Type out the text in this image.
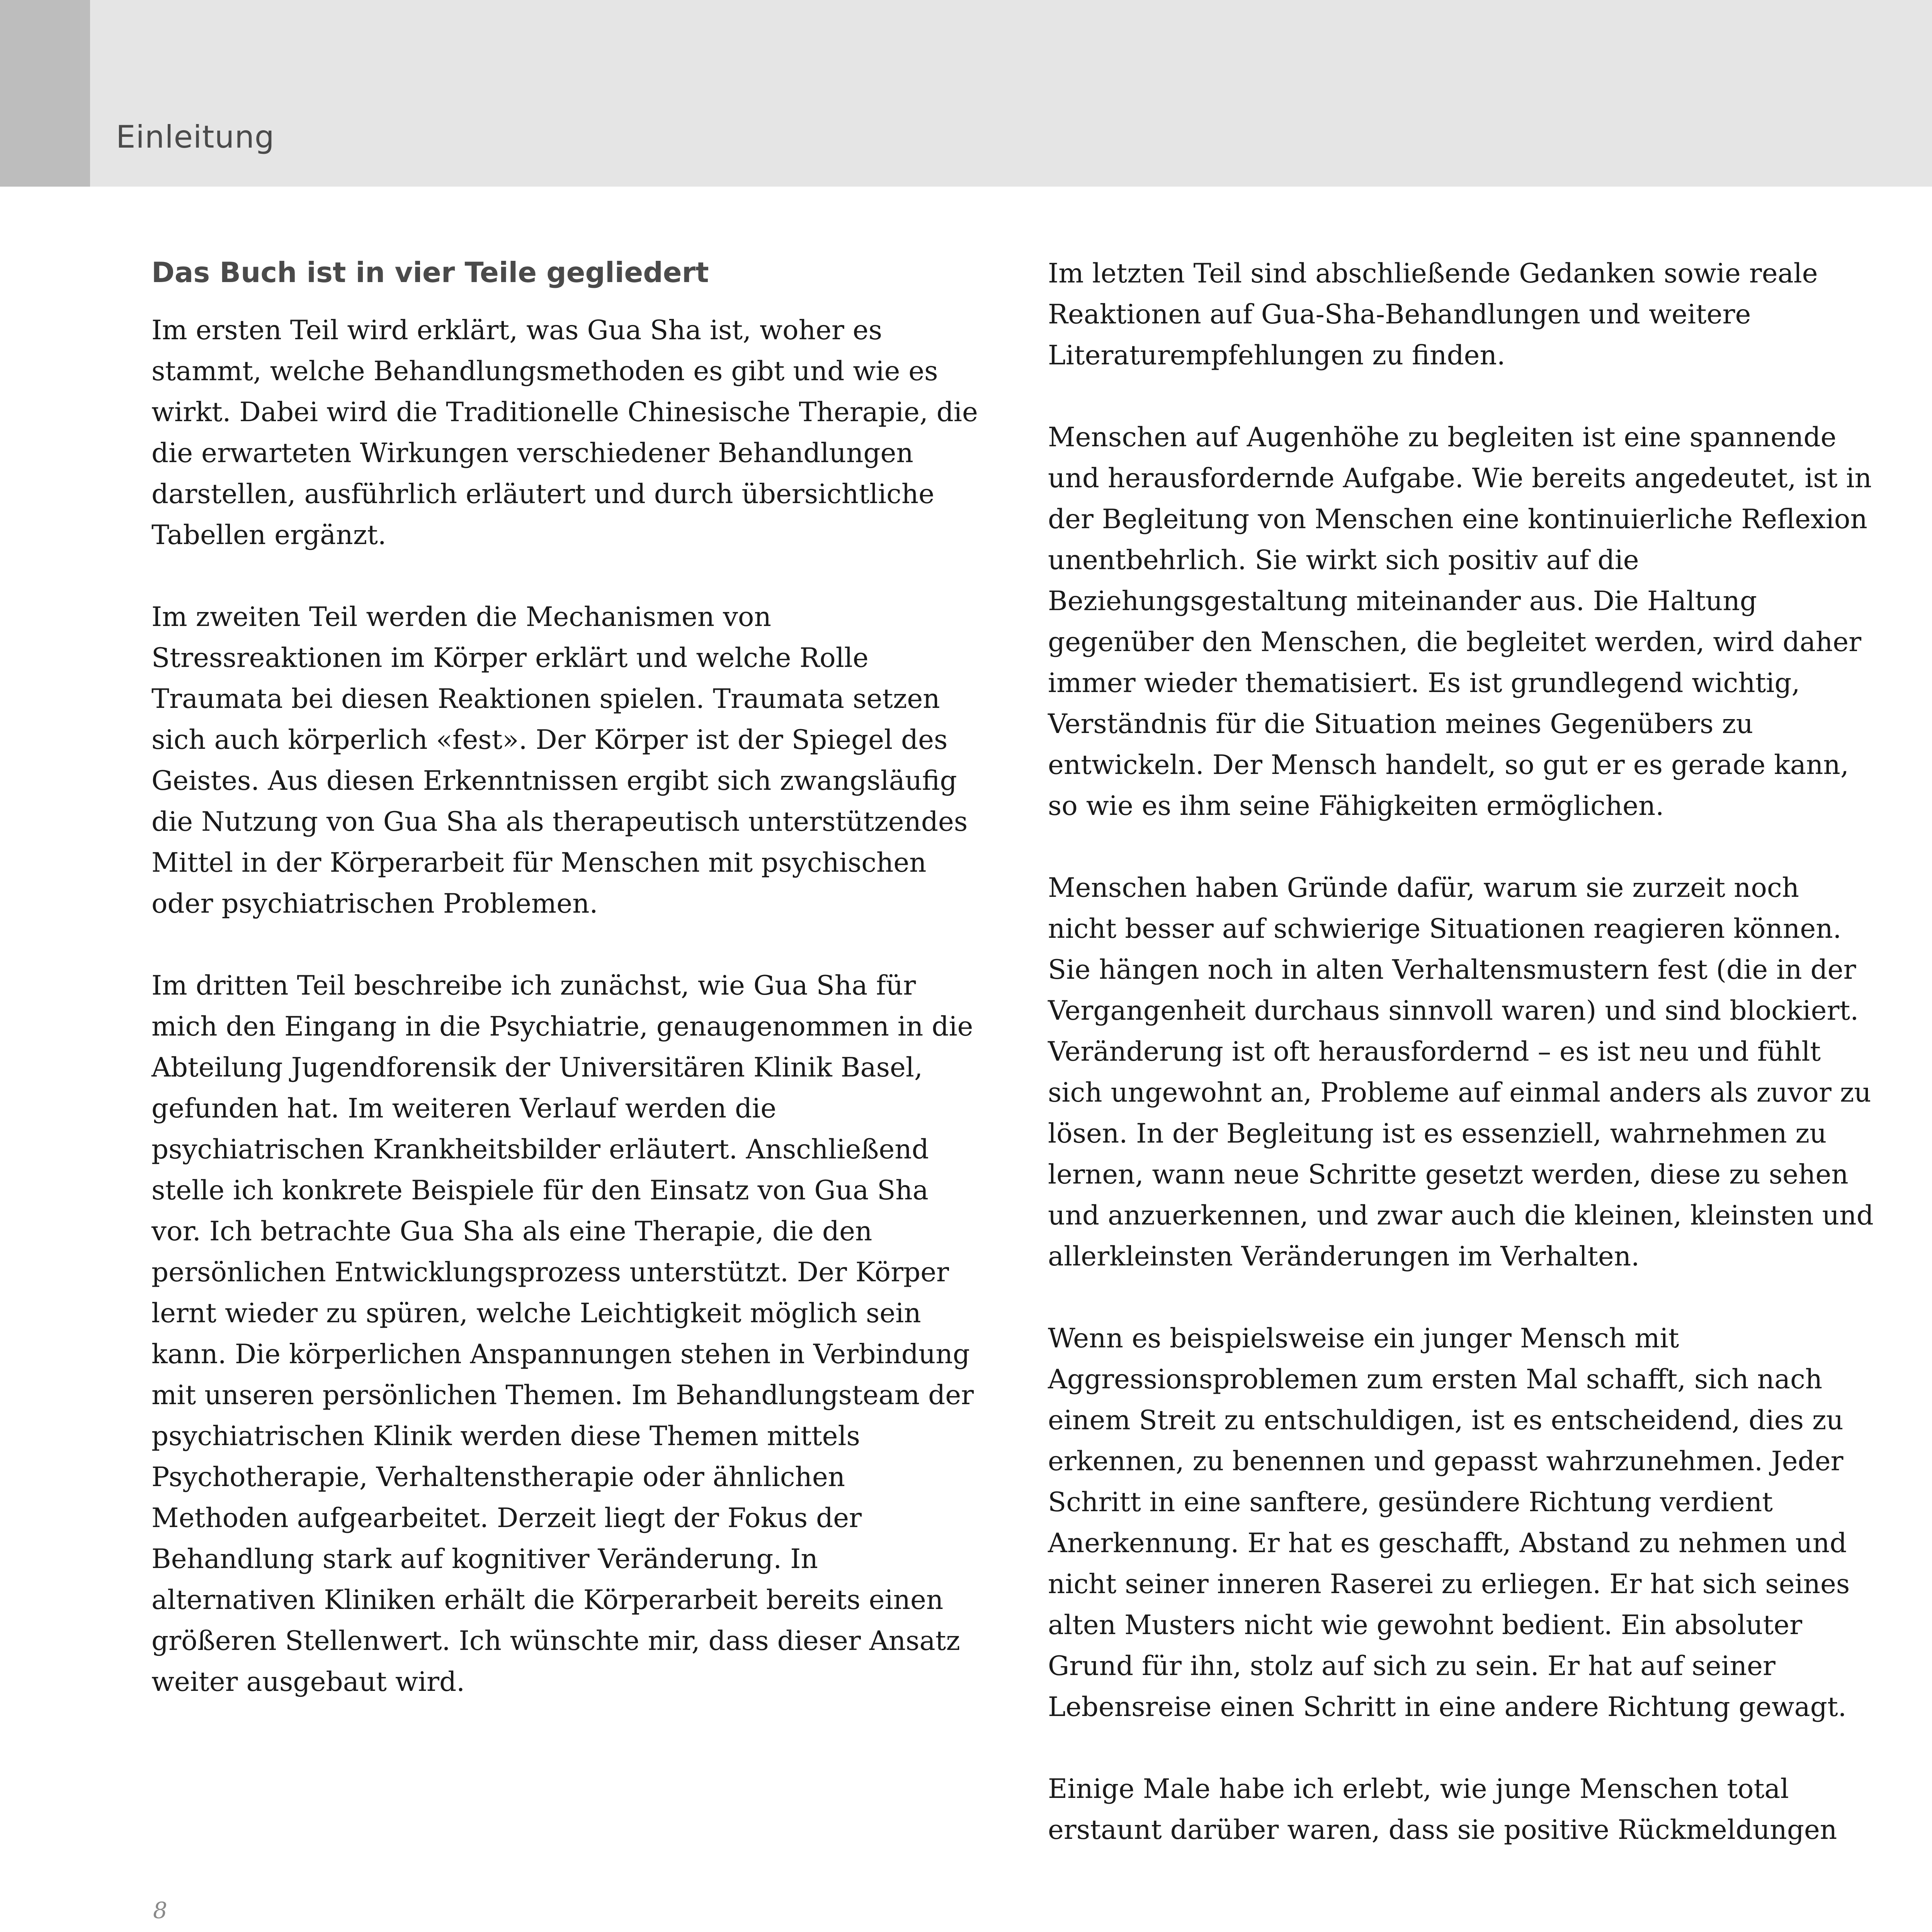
Einleitung
Das Buch ist in vier Teile gegliedert

Im ersten Teil wird erklärt, was Gua Sha ist, woher es stammt, welche Behandlungsmethoden es gibt und wie es wirkt. Dabei wird die Traditionelle Chinesische Therapie, die die erwarteten Wirkungen verschiedener Behandlungen darstellen, ausführlich erläutert und durch übersichtliche Tabellen ergänzt.

Im zweiten Teil werden die Mechanismen von Stressreaktionen im Körper erklärt und welche Rolle Traumata bei diesen Reaktionen spielen. Traumata setzen sich auch körperlich «fest». Der Körper ist der Spiegel des Geistes. Aus diesen Erkenntnissen ergibt sich zwangsläufig die Nutzung von Gua Sha als therapeutisch unterstützendes Mittel in der Körperarbeit für Menschen mit psychischen oder psychiatrischen Problemen.

Im dritten Teil beschreibe ich zunächst, wie Gua Sha für mich den Eingang in die Psychiatrie, genaugenommen in die Abteilung Jugendforensik der Universitären Klinik Basel, gefunden hat. Im weiteren Verlauf werden die psychiatrischen Krankheitsbilder erläutert. Anschließend stelle ich konkrete Beispiele für den Einsatz von Gua Sha vor. Ich betrachte Gua Sha als eine Therapie, die den persönlichen Entwicklungsprozess unterstützt. Der Körper lernt wieder zu spüren, welche Leichtigkeit möglich sein kann. Die körperlichen Anspannungen stehen in Verbindung mit unseren persönlichen Themen. Im Behandlungsteam der psychiatrischen Klinik werden diese Themen mittels Psychotherapie, Verhaltenstherapie oder ähnlichen Methoden aufgearbeitet. Derzeit liegt der Fokus der Behandlung stark auf kognitiver Veränderung. In alternativen Kliniken erhält die Körperarbeit bereits einen größeren Stellenwert. Ich wünschte mir, dass dieser Ansatz weiter ausgebaut wird.

Im letzten Teil sind abschließende Gedanken sowie reale Reaktionen auf Gua-Sha-Behandlungen und weitere Literaturempfehlungen zu finden.

Menschen auf Augenhöhe zu begleiten ist eine spannende und herausfordernde Aufgabe. Wie bereits angedeutet, ist in der Begleitung von Menschen eine kontinuierliche Reflexion unentbehrlich. Sie wirkt sich positiv auf die Beziehungsgestaltung miteinander aus. Die Haltung gegenüber den Menschen, die begleitet werden, wird daher immer wieder thematisiert. Es ist grundlegend wichtig, Verständnis für die Situation meines Gegenübers zu entwickeln. Der Mensch handelt, so gut er es gerade kann, so wie es ihm seine Fähigkeiten ermöglichen.

Menschen haben Gründe dafür, warum sie zurzeit noch nicht besser auf schwierige Situationen reagieren können. Sie hängen noch in alten Verhaltensmustern fest (die in der Vergangenheit durchaus sinnvoll waren) und sind blockiert. Veränderung ist oft herausfordernd – es ist neu und fühlt sich ungewohnt an, Probleme auf einmal anders als zuvor zu lösen. In der Begleitung ist es essenziell, wahrnehmen zu lernen, wann neue Schritte gesetzt werden, diese zu sehen und anzuerkennen, und zwar auch die kleinen, kleinsten und allerkleinsten Veränderungen im Verhalten.

Wenn es beispielsweise ein junger Mensch mit Aggressionsproblemen zum ersten Mal schafft, sich nach einem Streit zu entschuldigen, ist es entscheidend, dies zu erkennen, zu benennen und gepasst wahrzunehmen. Jeder Schritt in eine sanftere, gesündere Richtung verdient Anerkennung. Er hat es geschafft, Abstand zu nehmen und nicht seiner inneren Raserei zu erliegen. Er hat sich seines alten Musters nicht wie gewohnt bedient. Ein absoluter Grund für ihn, stolz auf sich zu sein. Er hat auf seiner Lebensreise einen Schritt in eine andere Richtung gewagt.

Einige Male habe ich erlebt, wie junge Menschen total erstaunt darüber waren, dass sie positive Rückmeldungen

8
